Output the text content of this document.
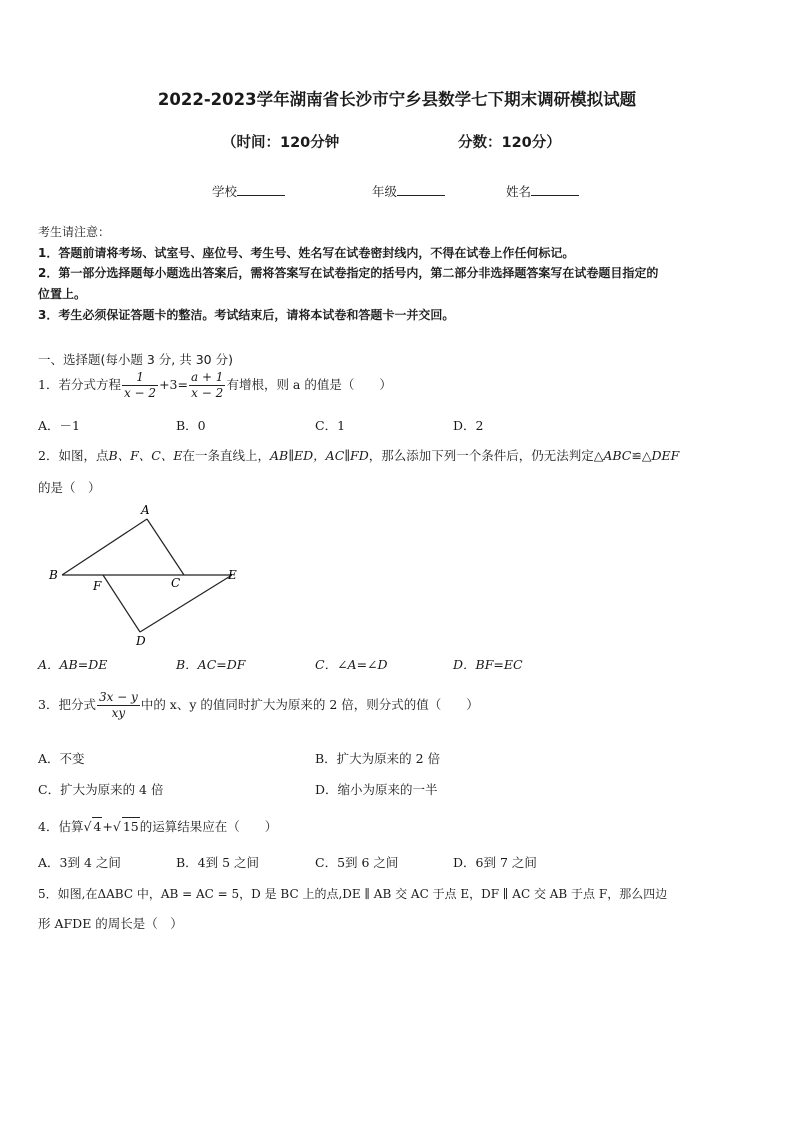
2022-2023学年湖南省长沙市宁乡县数学七下期末调研模拟试题
（时间：120分钟	分数：120分）
学校	年级	姓名
考生请注意：
1．答题前请将考场、试室号、座位号、考生号、姓名写在试卷密封线内，不得在试卷上作任何标记。
2．第一部分选择题每小题选出答案后，需将答案写在试卷指定的括号内，第二部分非选择题答案写在试卷题目指定的
位置上。
3．考生必须保证答题卡的整洁。考试结束后，请将本试卷和答题卡一并交回。
一、选择题(每小题 3 分, 共 30 分)
1．若分式方程 $\frac{1}{x - 2} +3= \frac{a + 1}{x - 2}$ 有增根，则 a 的值是（　　）
A．－1	B．0	C．1	D．2
2．如图，点B、F、C、E在一条直线上，AB∥ED，AC∥FD，那么添加下列一个条件后，仍无法判定△ABC≌△DEF
的是（　）
A
B
C
D
E
F
A．AB=DE	B．AC=DF	C．∠A=∠D	D．BF=EC
3．把分式 $\frac{3x - y}{xy}$ 中的 x、y 的值同时扩大为原来的 2 倍，则分式的值（　　）
A．不变	B．扩大为原来的 2 倍
C．扩大为原来的 4 倍	D．缩小为原来的一半
4．估算√ 4+√ 15的运算结果应在（　　）
A．3到 4 之间	B．4到 5 之间	C．5到 6 之间	D．6到 7 之间
5．如图,在ΔABC 中，AB = AC = 5，D 是 BC 上的点,DE ∥ AB 交 AC 于点 E，DF ∥ AC 交 AB 于点 F，那么四边
形 AFDE 的周长是（　）
